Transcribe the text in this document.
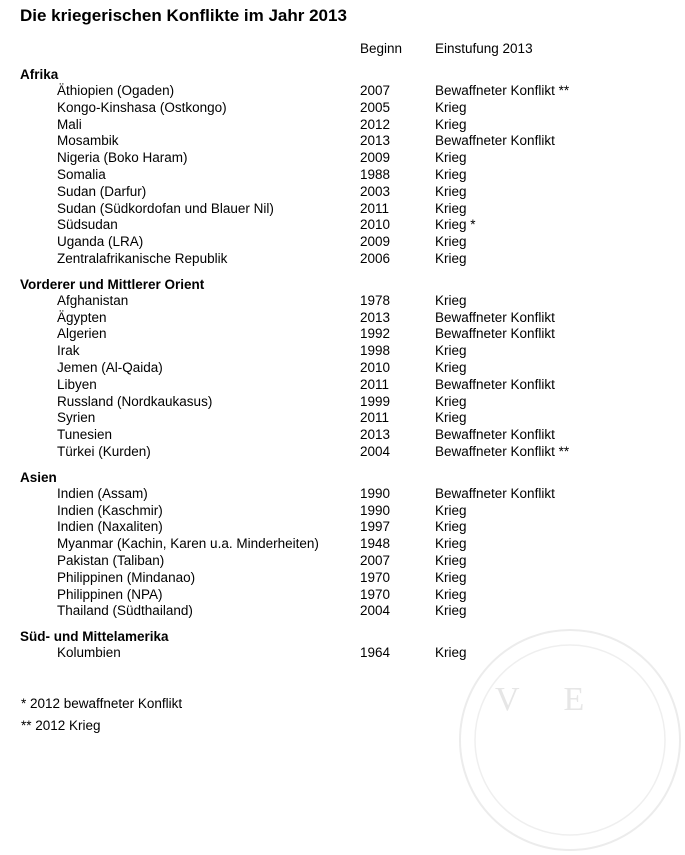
V E
Die kriegerischen Konflikte im Jahr 2013
Beginn Einstufung 2013
Afrika
Äthiopien (Ogaden)	2007	Bewaffneter Konflikt **
Kongo-Kinshasa (Ostkongo)	2005	Krieg
Mali	2012	Krieg
Mosambik	2013	Bewaffneter Konflikt
Nigeria (Boko Haram)	2009	Krieg
Somalia	1988	Krieg
Sudan (Darfur)	2003	Krieg
Sudan (Südkordofan und Blauer Nil)	2011	Krieg
Südsudan	2010	Krieg *
Uganda (LRA)	2009	Krieg
Zentralafrikanische Republik	2006	Krieg
Vorderer und Mittlerer Orient
Afghanistan	1978	Krieg
Ägypten	2013	Bewaffneter Konflikt
Algerien	1992	Bewaffneter Konflikt
Irak	1998	Krieg
Jemen (Al-Qaida)	2010	Krieg
Libyen	2011	Bewaffneter Konflikt
Russland (Nordkaukasus)	1999	Krieg
Syrien	2011	Krieg
Tunesien	2013	Bewaffneter Konflikt
Türkei (Kurden)	2004	Bewaffneter Konflikt **
Asien
Indien (Assam)	1990	Bewaffneter Konflikt
Indien (Kaschmir)	1990	Krieg
Indien (Naxaliten)	1997	Krieg
Myanmar (Kachin, Karen u.a. Minderheiten)	1948	Krieg
Pakistan (Taliban)	2007	Krieg
Philippinen (Mindanao)	1970	Krieg
Philippinen (NPA)	1970	Krieg
Thailand (Südthailand)	2004	Krieg
Süd- und Mittelamerika
Kolumbien	1964	Krieg
* 2012 bewaffneter Konflikt
** 2012 Krieg
